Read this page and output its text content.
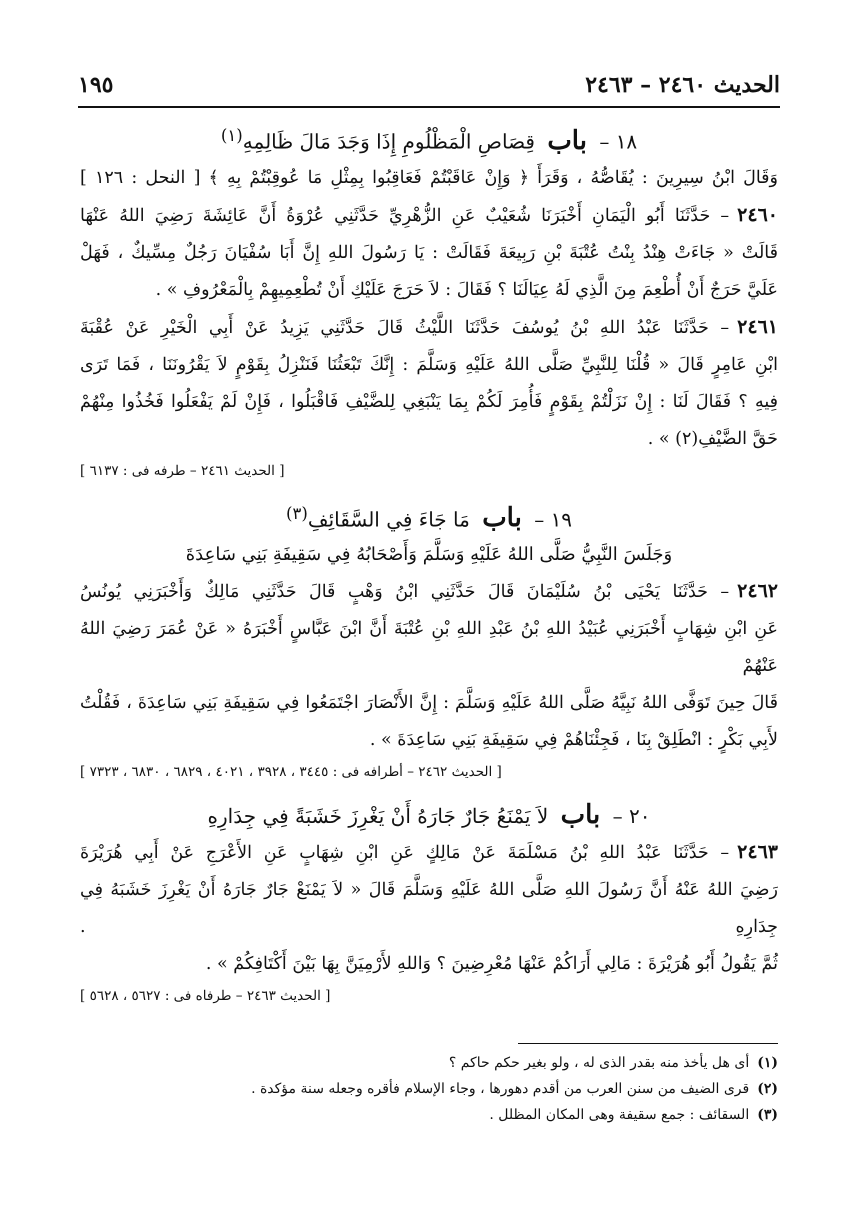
الحديث ٢٤٦٠ – ٢٤٦٣
١٩٥
١٨ – باب قِصَاصِ الْمَظْلُومِ إِذَا وَجَدَ مَالَ ظَالِمِهِ$^{(١)}$
وَقَالَ ابْنُ سِيرِينَ : يُقَاصُّهُ ، وَقَرَأَ ﴿ وَإِنْ عَاقَبْتُمْ فَعَاقِبُوا بِمِثْلِ مَا عُوقِبْتُمْ بِهِ ﴾ [ النحل : ١٢٦ ]
٢٤٦٠– حَدَّثَنَا أَبُو الْيَمَانِ أَخْبَرَنَا شُعَيْبٌ عَنِ الزُّهْرِيِّ حَدَّثَنِي عُرْوَةُ أَنَّ عَائِشَةَ رَضِيَ اللهُ عَنْهَا
قَالَتْ « جَاءَتْ هِنْدُ بِنْتُ عُتْبَةَ بْنِ رَبِيعَةَ فَقَالَتْ : يَا رَسُولَ اللهِ إِنَّ أَبَا سُفْيَانَ رَجُلٌ مِسِّيكٌ ، فَهَلْ
عَلَيَّ حَرَجٌ أَنْ أُطْعِمَ مِنَ الَّذِي لَهُ عِيَالَنَا ؟ فَقَالَ : لاَ حَرَجَ عَلَيْكِ أَنْ تُطْعِمِيهِمْ بِالْمَعْرُوفِ » .
٢٤٦١– حَدَّثَنَا عَبْدُ اللهِ بْنُ يُوسُفَ حَدَّثَنَا اللَّيْثُ قَالَ حَدَّثَنِي يَزِيدُ عَنْ أَبِي الْخَيْرِ عَنْ عُقْبَةَ
ابْنِ عَامِرٍ قَالَ « قُلْنَا لِلنَّبِيِّ صَلَّى اللهُ عَلَيْهِ وَسَلَّمَ : إِنَّكَ تَبْعَثُنَا فَنَنْزِلُ بِقَوْمٍ لاَ يَقْرُونَنَا ، فَمَا تَرَى
فِيهِ ؟ فَقَالَ لَنَا : إِنْ نَزَلْتُمْ بِقَوْمٍ فَأُمِرَ لَكُمْ بِمَا يَنْبَغِي لِلضَّيْفِ فَاقْبَلُوا ، فَإِنْ لَمْ يَفْعَلُوا فَخُذُوا مِنْهُمْ
حَقَّ الضَّيْفِ(٢) » .
[ الحديث ٢٤٦١ – طرفه فى : ٦١٣٧ ]
١٩ – باب مَا جَاءَ فِي السَّقَائِفِ$^{(٣)}$
وَجَلَسَ النَّبِيُّ صَلَّى اللهُ عَلَيْهِ وَسَلَّمَ وَأَصْحَابُهُ فِي سَقِيفَةِ بَنِي سَاعِدَةَ
٢٤٦٢– حَدَّثَنَا يَحْيَى بْنُ سُلَيْمَانَ قَالَ حَدَّثَنِي ابْنُ وَهْبٍ قَالَ حَدَّثَنِي مَالِكٌ وَأَخْبَرَنِي يُونُسُ
عَنِ ابْنِ شِهَابٍ أَخْبَرَنِي عُبَيْدُ اللهِ بْنُ عَبْدِ اللهِ بْنِ عُتْبَةَ أَنَّ ابْنَ عَبَّاسٍ أَخْبَرَهُ « عَنْ عُمَرَ رَضِيَ اللهُ عَنْهُمْ
قَالَ حِينَ تَوَفَّى اللهُ نَبِيَّهُ صَلَّى اللهُ عَلَيْهِ وَسَلَّمَ : إِنَّ الأَنْصَارَ اجْتَمَعُوا فِي سَقِيفَةِ بَنِي سَاعِدَةَ ، فَقُلْتُ
لأَبِي بَكْرٍ : انْطَلِقْ بِنَا ، فَجِئْنَاهُمْ فِي سَقِيفَةِ بَنِي سَاعِدَةَ » .
[ الحديث ٢٤٦٢ – أطرافه فى : ٣٤٤٥ ، ٣٩٢٨ ، ٤٠٢١ ، ٦٨٢٩ ، ٦٨٣٠ ، ٧٣٢٣ ]
٢٠ – باب لاَ يَمْنَعُ جَارٌ جَارَهُ أَنْ يَغْرِزَ خَشَبَةً فِي جِدَارِهِ
٢٤٦٣– حَدَّثَنَا عَبْدُ اللهِ بْنُ مَسْلَمَةَ عَنْ مَالِكٍ عَنِ ابْنِ شِهَابٍ عَنِ الأَعْرَجِ عَنْ أَبِي هُرَيْرَةَ
رَضِيَ اللهُ عَنْهُ أَنَّ رَسُولَ اللهِ صَلَّى اللهُ عَلَيْهِ وَسَلَّمَ قَالَ « لاَ يَمْنَعْ جَارٌ جَارَهُ أَنْ يَغْرِزَ خَشَبَهُ فِي جِدَارِهِ .
ثُمَّ يَقُولُ أَبُو هُرَيْرَةَ : مَالِي أَرَاكُمْ عَنْهَا مُعْرِضِينَ ؟ وَاللهِ لأَرْمِيَنَّ بِهَا بَيْنَ أَكْتَافِكُمْ » .
[ الحديث ٢٤٦٣ – طرفاه فى : ٥٦٢٧ ، ٥٦٢٨ ]
(١)أى هل يأخذ منه بقدر الذى له ، ولو بغير حكم حاكم ؟
(٢)قرى الضيف من سنن العرب من أقدم دهورها ، وجاء الإسلام فأقره وجعله سنة مؤكدة .
(٣)السقائف : جمع سقيفة وهى المكان المظلل .
